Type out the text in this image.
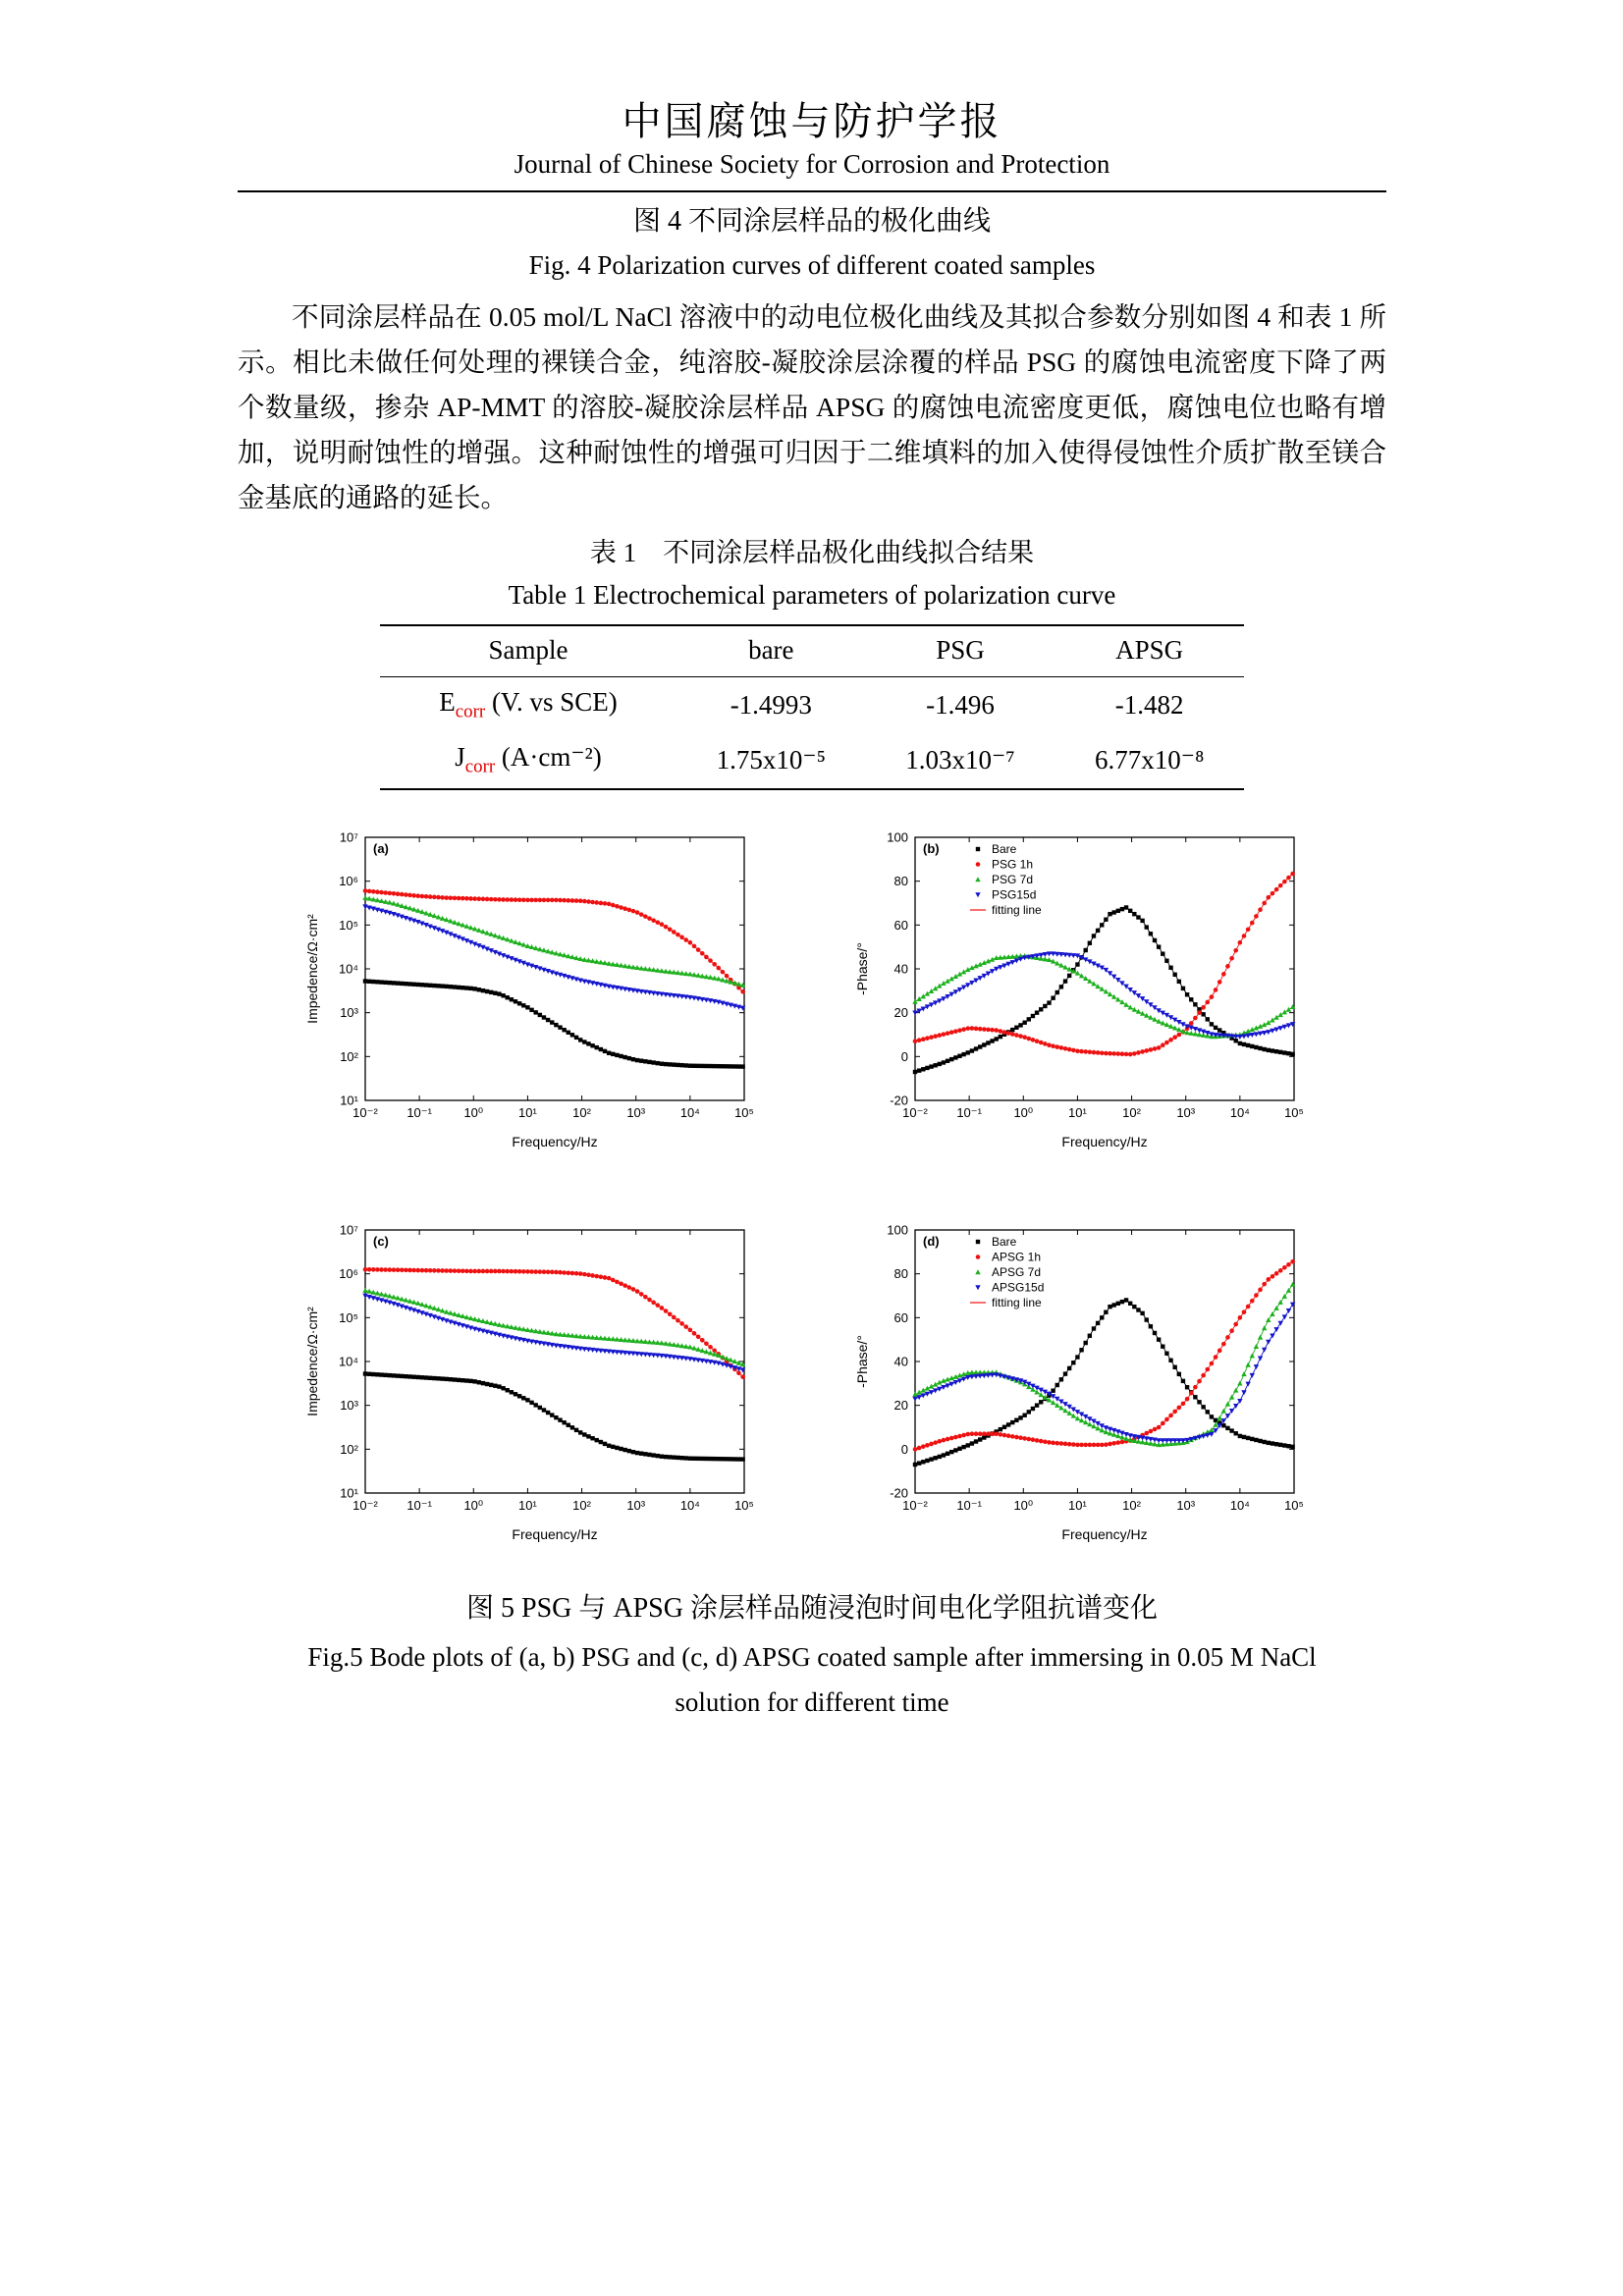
中国腐蚀与防护学报
Journal of Chinese Society for Corrosion and Protection
图 4 不同涂层样品的极化曲线
Fig. 4 Polarization curves of different coated samples

不同涂层样品在 0.05 mol/L NaCl 溶液中的动电位极化曲线及其拟合参数分别如图 4 和表 1 所示。相比未做任何处理的裸镁合金，纯溶胶-凝胶涂层涂覆的样品 PSG 的腐蚀电流密度下降了两个数量级，掺杂 AP-MMT 的溶胶-凝胶涂层样品 APSG 的腐蚀电流密度更低，腐蚀电位也略有增加，说明耐蚀性的增强。这种耐蚀性的增强可归因于二维填料的加入使得侵蚀性介质扩散至镁合金基底的通路的延长。

表 1　不同涂层样品极化曲线拟合结果
Table 1 Electrochemical parameters of polarization curve
Sample	bare	PSG	APSG
$E_{corr}$ (V. vs SCE)	-1.4993	-1.496	-1.482
$J_{corr}$ (A·cm⁻²)	1.75x10⁻⁵	1.03x10⁻⁷	6.77x10⁻⁸
10⁻² 10⁻¹ 10⁰	10¹	10²	10³	10⁴	10⁵
10¹
10²
10³
10⁴
10⁵
10⁶
10⁷
Frequency/Hz
Impedence/Ω·cm²
(a)
10⁻² 10⁻¹ 10⁰	10¹	10²	10³	10⁴	10⁵
-20
0
20
40
60
80
100
Frequency/Hz
-Phase/°
(b)	Bare
PSG 1h
PSG 7d
PSG15d
fitting line
10⁻² 10⁻¹ 10⁰	10¹	10²	10³	10⁴	10⁵
10¹
10²
10³
10⁴
10⁵
10⁶
10⁷
Frequency/Hz
Impedence/Ω·cm²
(c)
10⁻² 10⁻¹ 10⁰	10¹	10²	10³	10⁴	10⁵
-20
0
20
40
60
80
100
Frequency/Hz
-Phase/°
(d)	Bare
APSG 1h
APSG 7d
APSG15d
fitting line
图 5 PSG 与 APSG 涂层样品随浸泡时间电化学阻抗谱变化
Fig.5 Bode plots of (a, b) PSG and (c, d) APSG coated sample after immersing in 0.05 M NaCl
solution for different time
